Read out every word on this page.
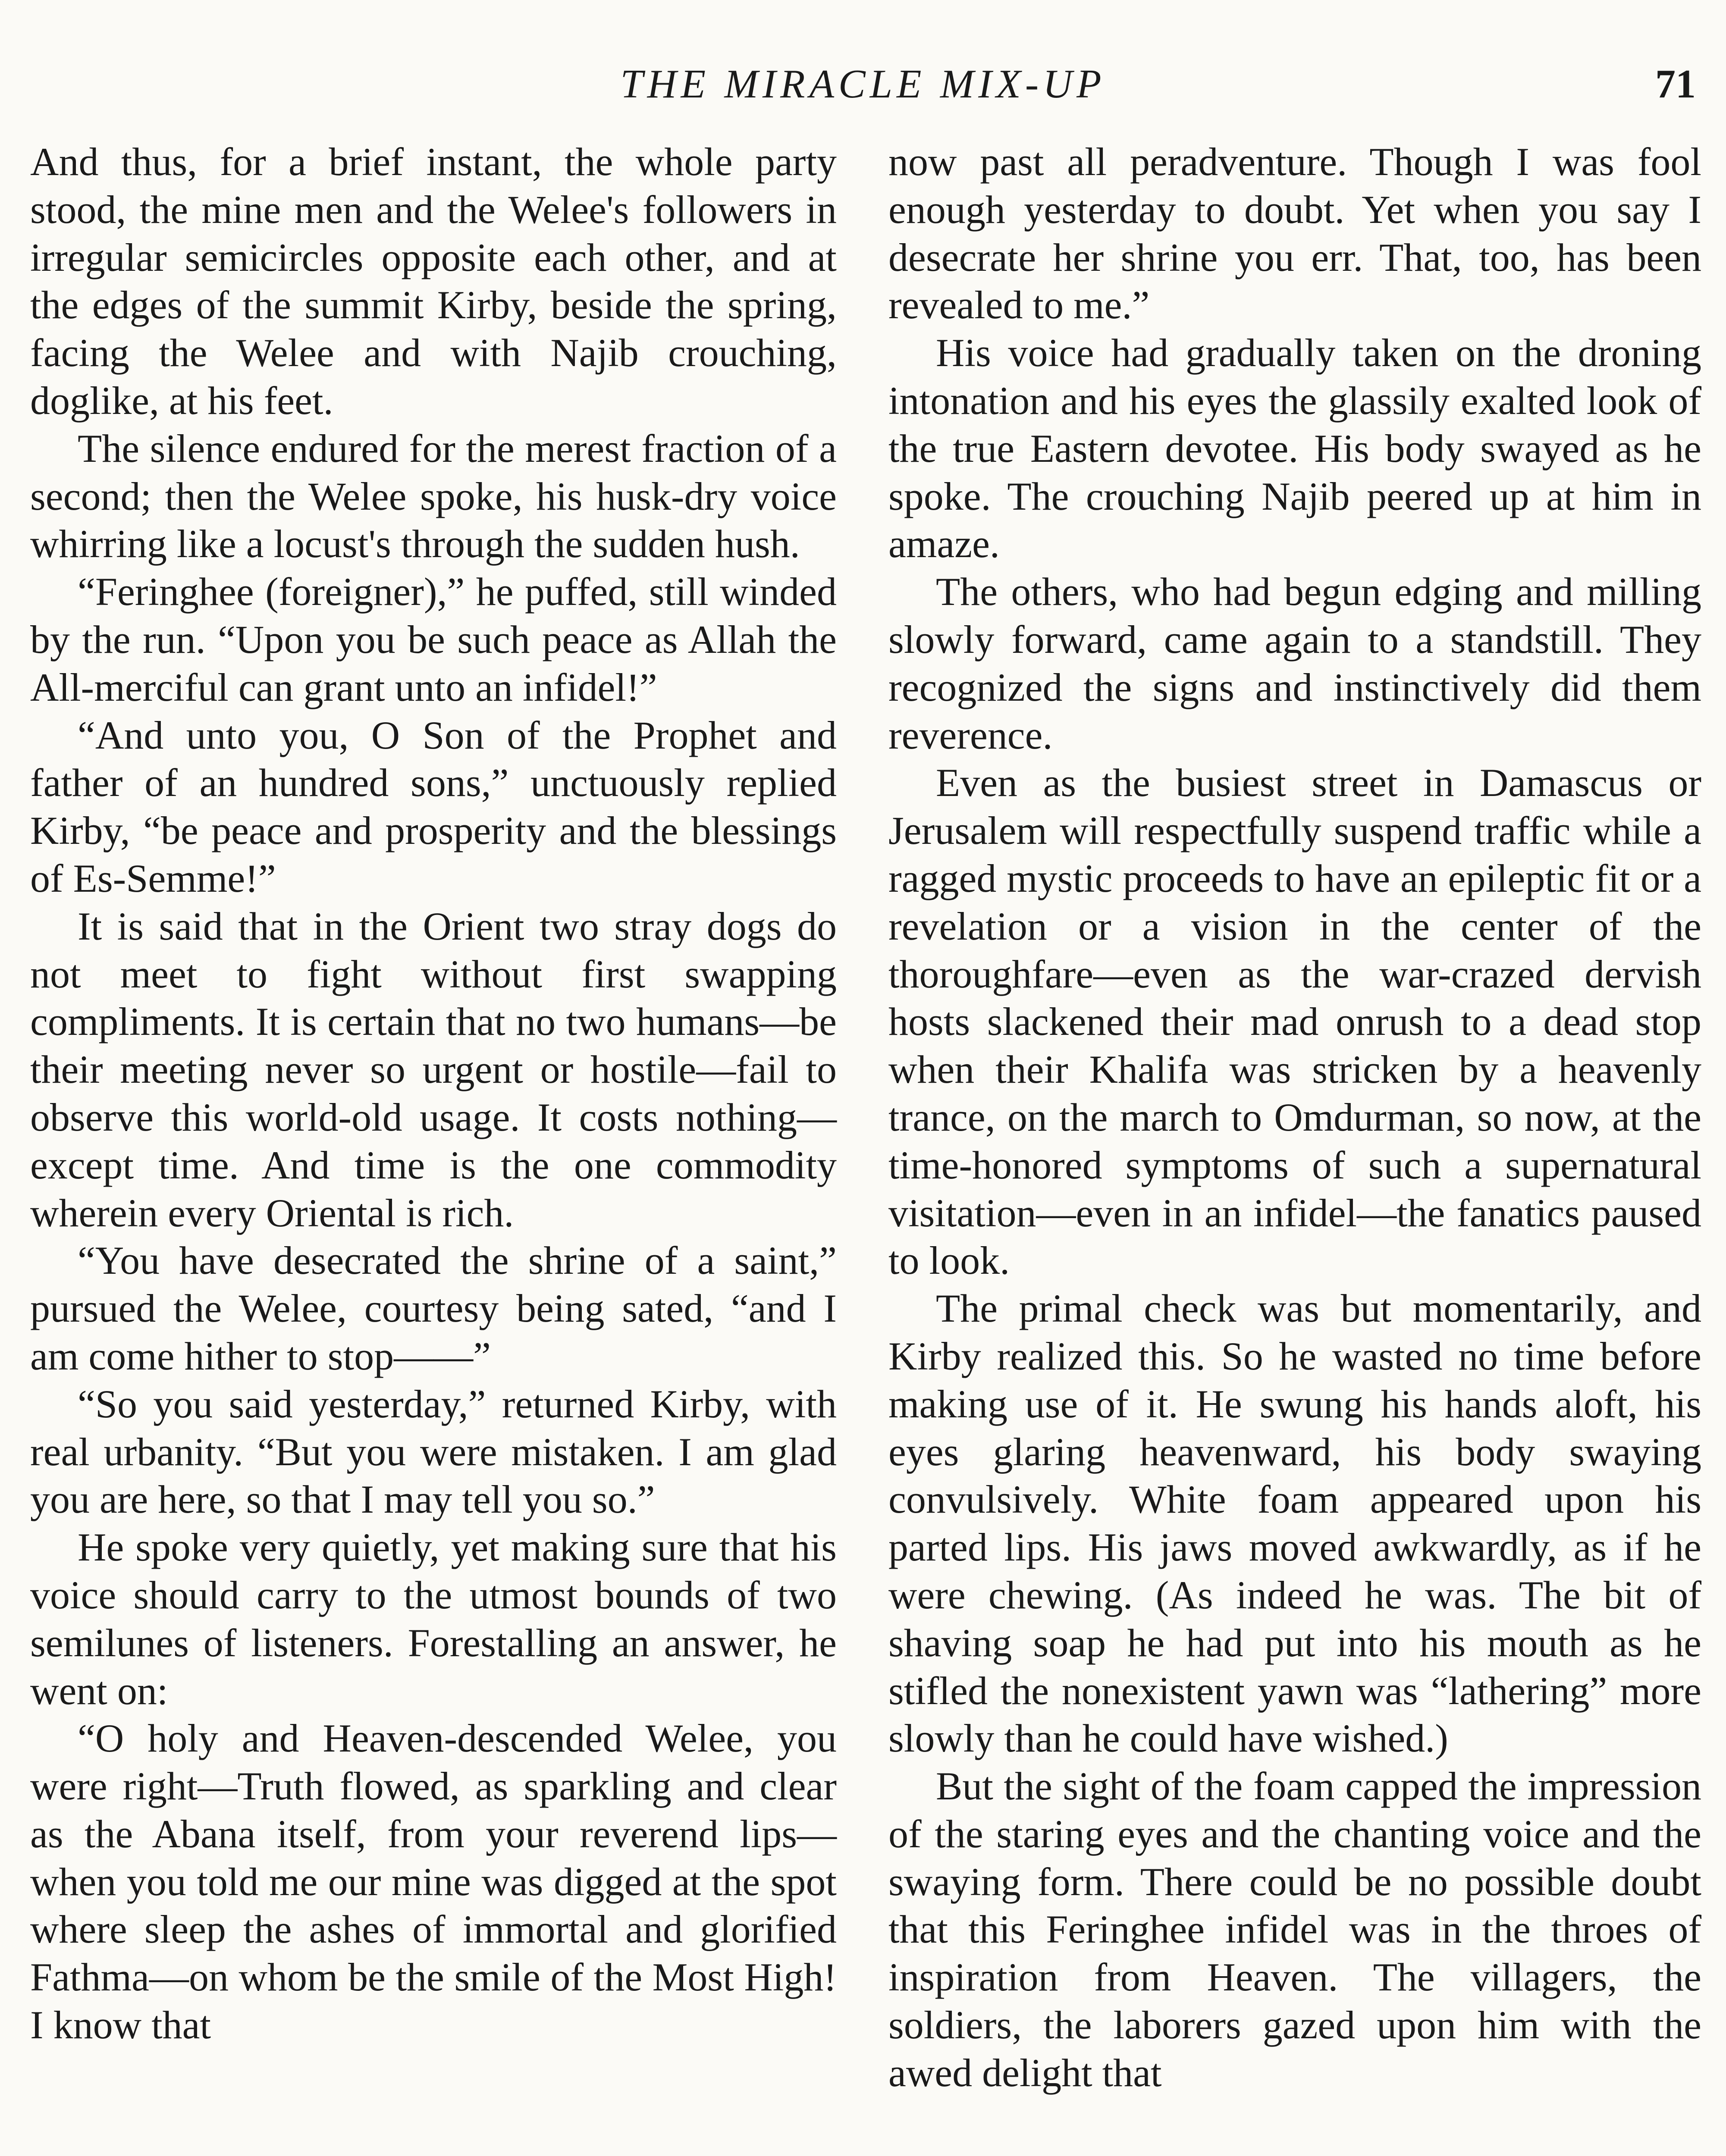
THE MIRACLE MIX-UP	71

And thus, for a brief instant, the whole party stood, the mine men and the Welee's followers in irregular semicircles opposite each other, and at the edges of the summit Kirby, beside the spring, facing the Welee and with Najib crouching, doglike, at his feet.

The silence endured for the merest fraction of a second; then the Welee spoke, his husk-dry voice whirring like a locust's through the sudden hush.

“Feringhee (foreigner),” he puffed, still winded by the run. “Upon you be such peace as Allah the All-merciful can grant unto an infidel!”

“And unto you, O Son of the Prophet and father of an hundred sons,” unctuously replied Kirby, “be peace and prosperity and the blessings of Es-Semme!”

It is said that in the Orient two stray dogs do not meet to fight without first swapping compliments. It is certain that no two humans—be their meeting never so urgent or hostile—fail to observe this world-old usage. It costs nothing—except time. And time is the one commodity wherein every Oriental is rich.

“You have desecrated the shrine of a saint,” pursued the Welee, courtesy being sated, “and I am come hither to stop——”

“So you said yesterday,” returned Kirby, with real urbanity. “But you were mistaken. I am glad you are here, so that I may tell you so.”

He spoke very quietly, yet making sure that his voice should carry to the utmost bounds of two semilunes of listeners. Forestalling an answer, he went on:

“O holy and Heaven-descended Welee, you were right—Truth flowed, as sparkling and clear as the Abana itself, from your reverend lips—when you told me our mine was digged at the spot where sleep the ashes of immortal and glorified Fathma—on whom be the smile of the Most High! I know that

now past all peradventure. Though I was fool enough yesterday to doubt. Yet when you say I desecrate her shrine you err. That, too, has been revealed to me.”

His voice had gradually taken on the droning intonation and his eyes the glassily exalted look of the true Eastern devotee. His body swayed as he spoke. The crouching Najib peered up at him in amaze.

The others, who had begun edging and milling slowly forward, came again to a standstill. They recognized the signs and instinctively did them reverence.

Even as the busiest street in Damascus or Jerusalem will respectfully suspend traffic while a ragged mystic proceeds to have an epileptic fit or a revelation or a vision in the center of the thoroughfare—even as the war-crazed dervish hosts slackened their mad onrush to a dead stop when their Khalifa was stricken by a heavenly trance, on the march to Omdurman, so now, at the time-honored symptoms of such a supernatural visitation—even in an infidel—the fanatics paused to look.

The primal check was but momentarily, and Kirby realized this. So he wasted no time before making use of it. He swung his hands aloft, his eyes glaring heavenward, his body swaying convulsively. White foam appeared upon his parted lips. His jaws moved awkwardly, as if he were chewing. (As indeed he was. The bit of shaving soap he had put into his mouth as he stifled the nonexistent yawn was “lathering” more slowly than he could have wished.)

But the sight of the foam capped the impression of the staring eyes and the chanting voice and the swaying form. There could be no possible doubt that this Feringhee infidel was in the throes of inspiration from Heaven. The villagers, the soldiers, the laborers gazed upon him with the awed delight that
